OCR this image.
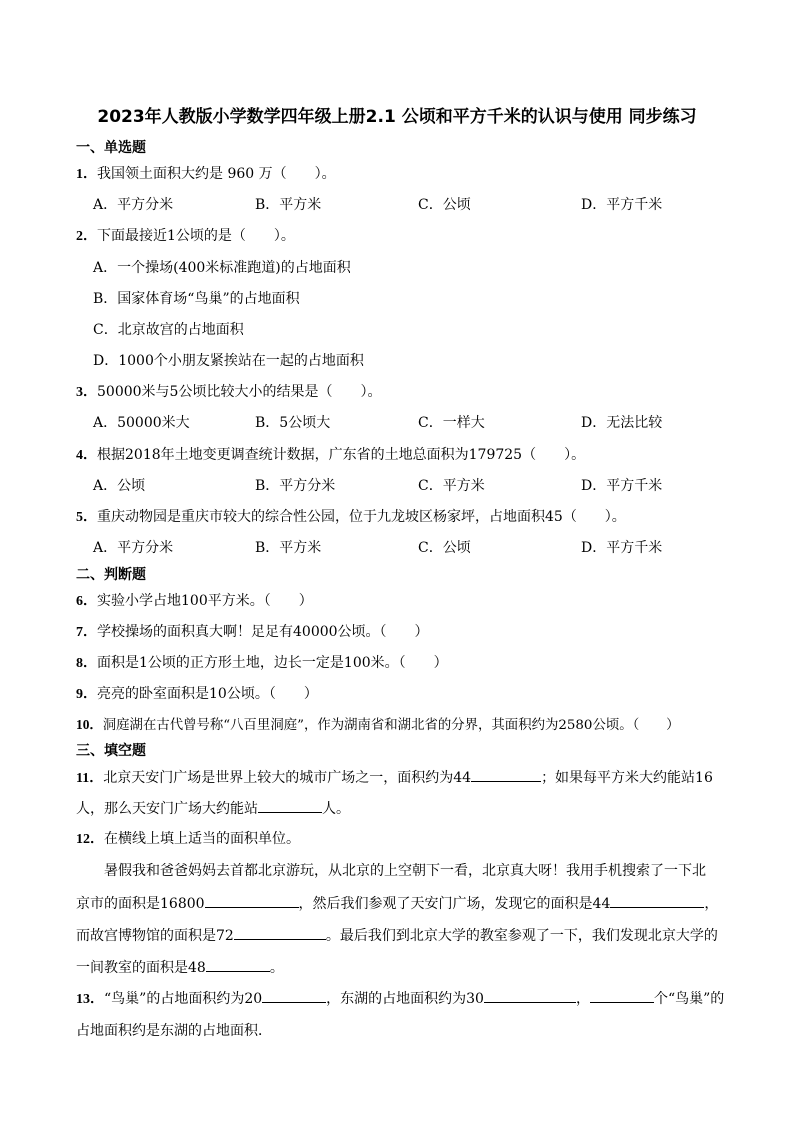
2023年人教版小学数学四年级上册2.1 公顷和平方千米的认识与使用 同步练习
一、单选题
1．我国领土面积大约是 960 万（　　）。
A．平方分米	B．平方米	C．公顷	D．平方千米
2．下面最接近1公顷的是（　　）。
A．一个操场(400米标准跑道)的占地面积
B．国家体育场“鸟巢”的占地面积
C．北京故宫的占地面积
D．1000个小朋友紧挨站在一起的占地面积
3．50000米与5公顷比较大小的结果是（　　）。
A．50000米大	B．5公顷大	C．一样大	D．无法比较
4．根据2018年土地变更调查统计数据，广东省的土地总面积为179725（　　）。
A．公顷	B．平方分米	C．平方米	D．平方千米
5．重庆动物园是重庆市较大的综合性公园，位于九龙坡区杨家坪，占地面积45（　　）。
A．平方分米	B．平方米	C．公顷	D．平方千米
二、判断题
6．实验小学占地100平方米。（　　）
7．学校操场的面积真大啊！足足有40000公顷。（　　）
8．面积是1公顷的正方形土地，边长一定是100米。（　　）
9．亮亮的卧室面积是10公顷。（　　）
10．洞庭湖在古代曾号称“八百里洞庭”，作为湖南省和湖北省的分界，其面积约为2580公顷。（　　）
三、填空题
11．北京天安门广场是世界上较大的城市广场之一，面积约为44	；如果每平方米大约能站16
人，那么天安门广场大约能站	人。
12．在横线上填上适当的面积单位。
暑假我和爸爸妈妈去首都北京游玩，从北京的上空朝下一看，北京真大呀！我用手机搜索了一下北
京市的面积是16800	，然后我们参观了天安门广场，发现它的面积是44	，
而故宫博物馆的面积是72	。最后我们到北京大学的教室参观了一下，我们发现北京大学的
一间教室的面积是48	。
13．“鸟巢”的占地面积约为20	，东湖的占地面积约为30	，	个“鸟巢”的
占地面积约是东湖的占地面积．
